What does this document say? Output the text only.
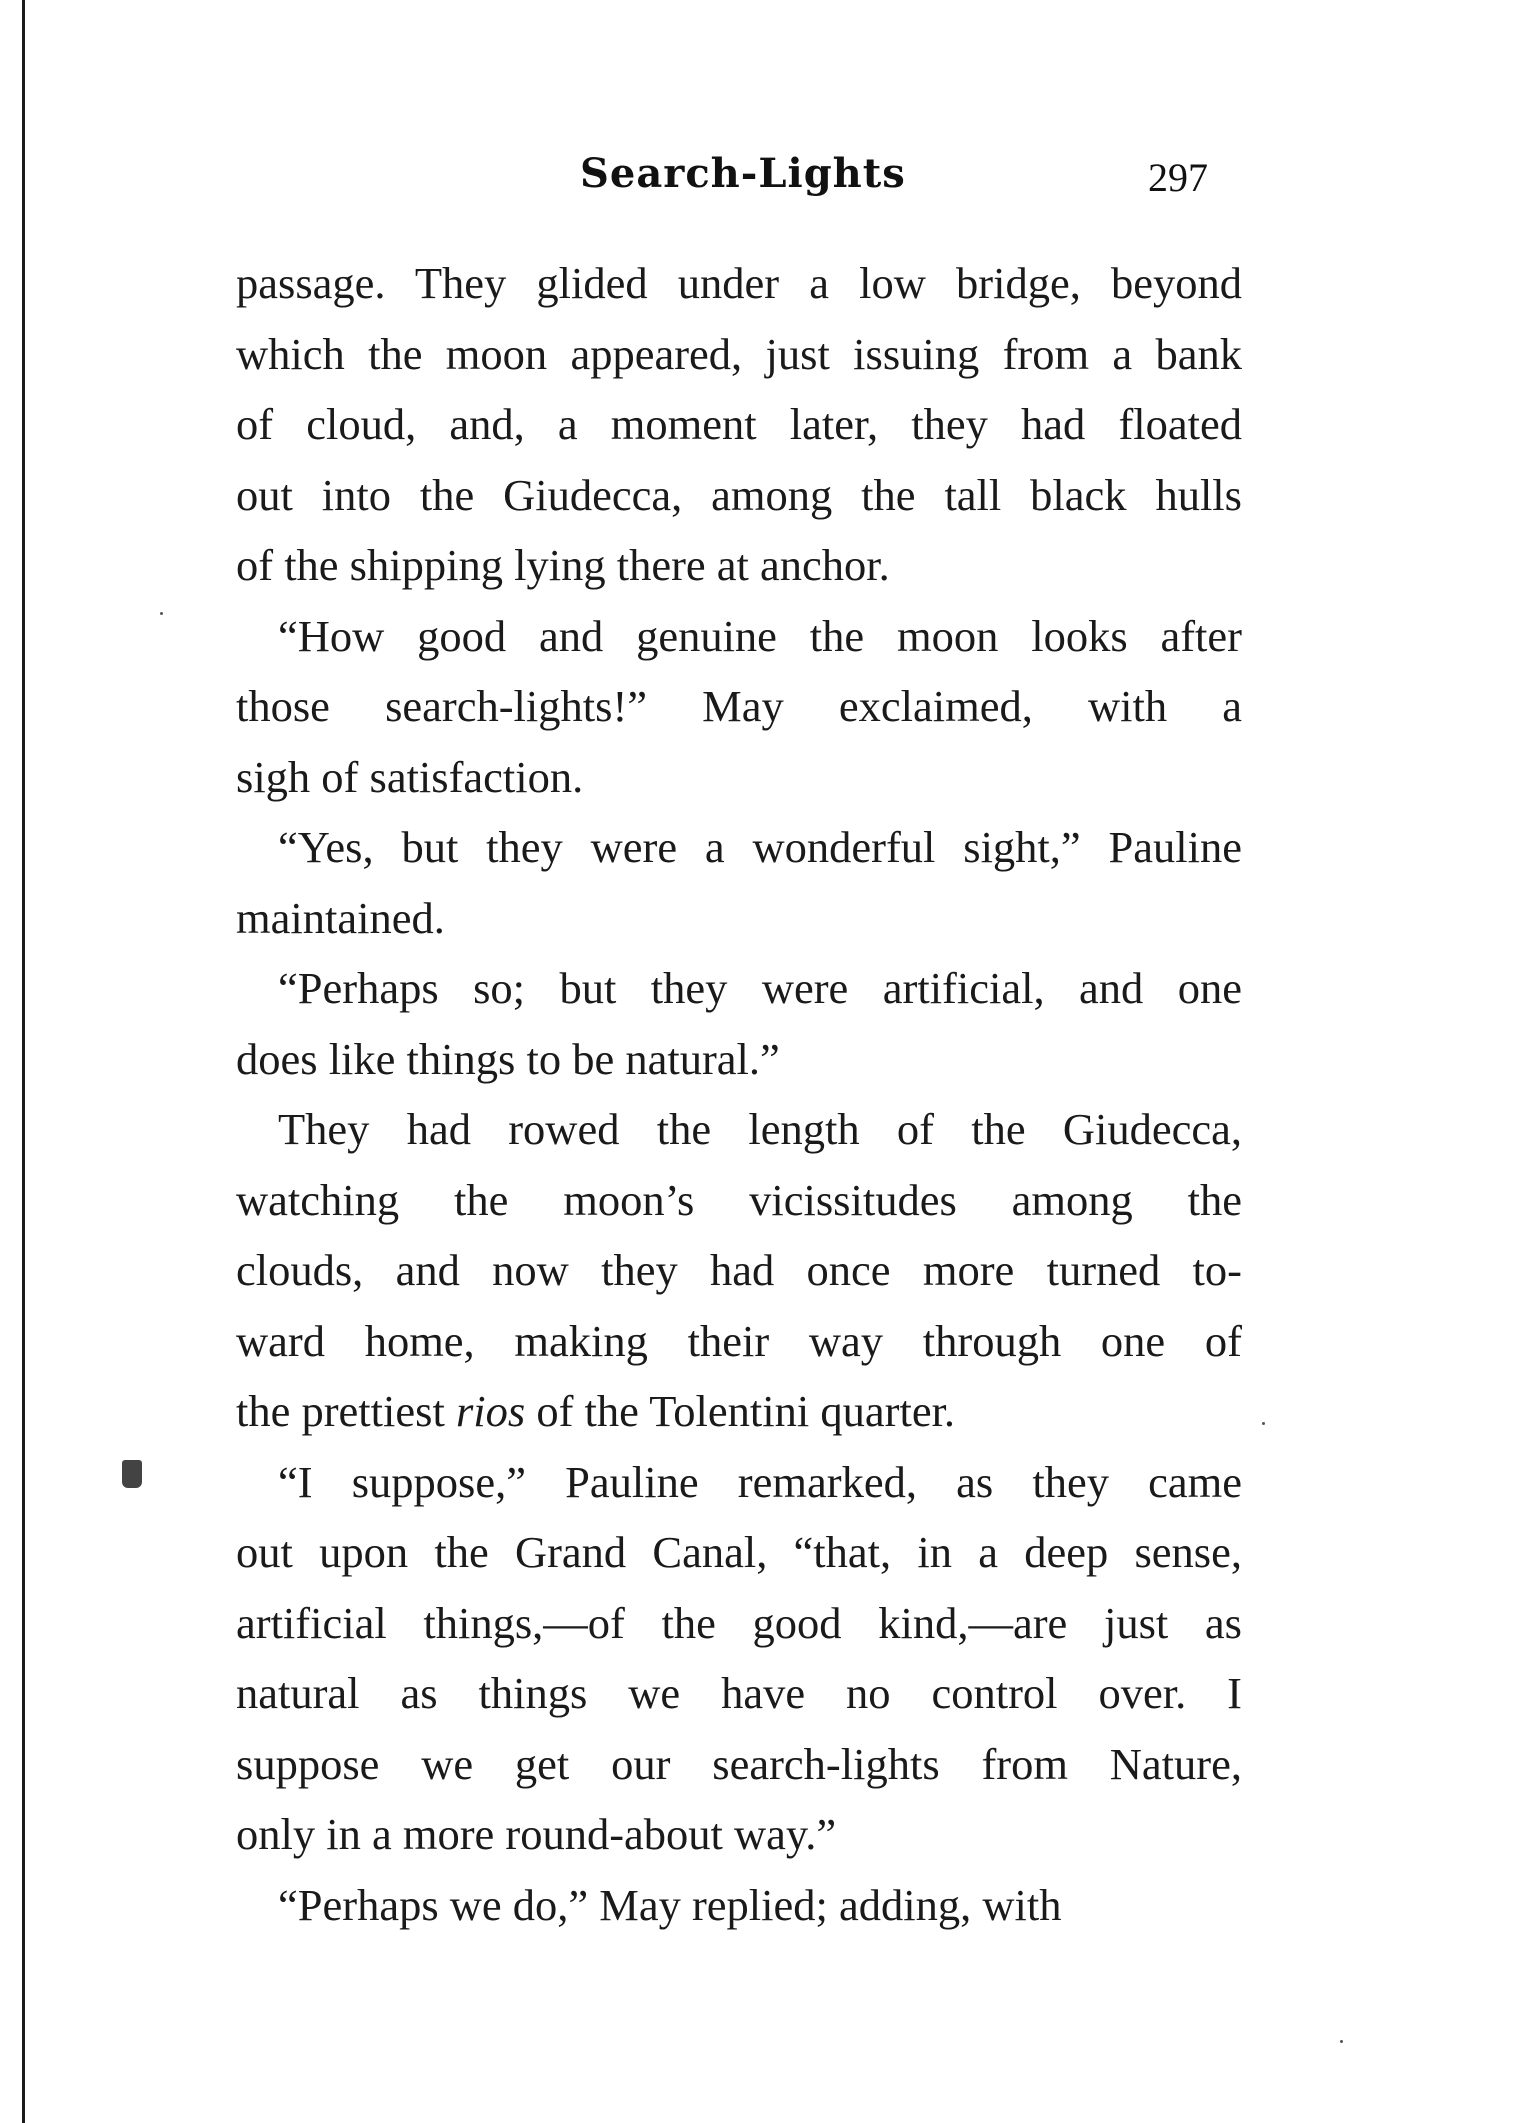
Search-Lights	297

passage. They glided under a low bridge, beyond
which the moon appeared, just issuing from a bank
of cloud, and, a moment later, they had floated
out into the Giudecca, among the tall black hulls
of the shipping lying there at anchor.

“How good and genuine the moon looks after
those search-lights!” May exclaimed, with a
sigh of satisfaction.

“Yes, but they were a wonderful sight,” Pauline
maintained.

“Perhaps so; but they were artificial, and one
does like things to be natural.”

They had rowed the length of the Giudecca,
watching the moon’s vicissitudes among the
clouds, and now they had once more turned to-
ward home, making their way through one of
the prettiest rios of the Tolentini quarter.

“I suppose,” Pauline remarked, as they came
out upon the Grand Canal, “that, in a deep sense,
artificial things,—of the good kind,—are just as
natural as things we have no control over. I
suppose we get our search-lights from Nature,
only in a more round-about way.”

“Perhaps we do,” May replied; adding, with
